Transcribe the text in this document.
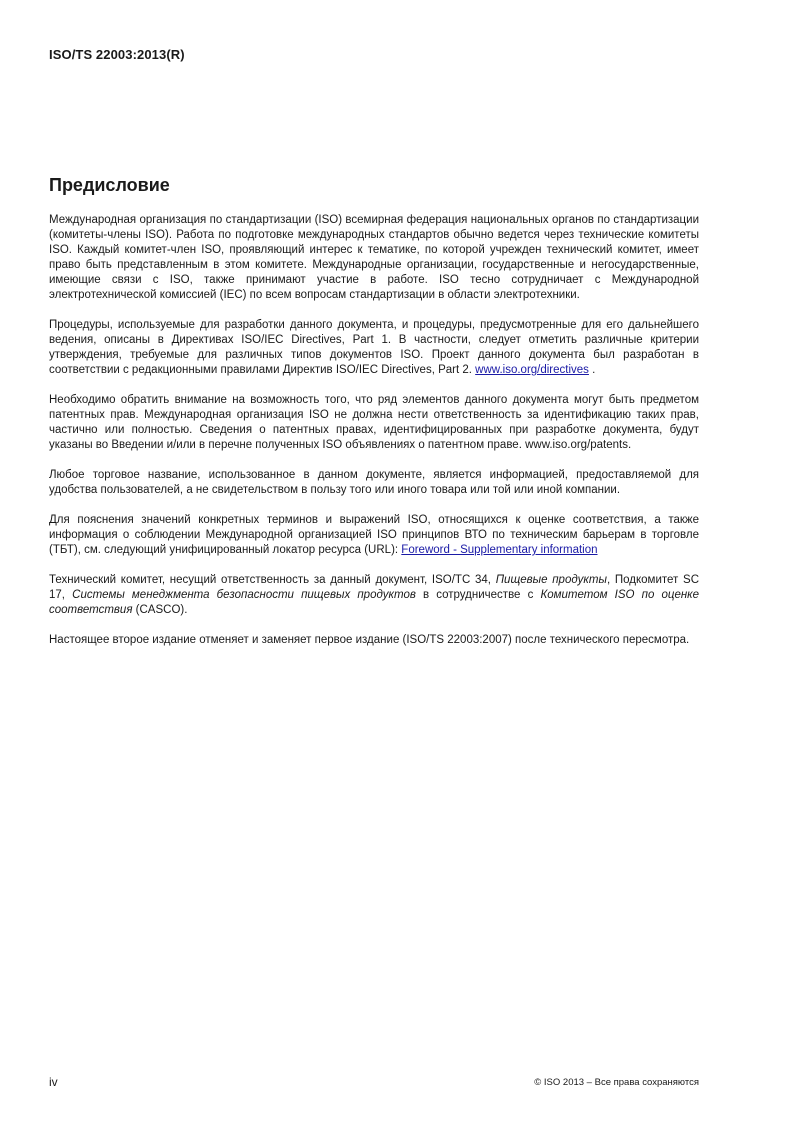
ISO/TS 22003:2013(R)
Предисловие

Международная организация по стандартизации (ISO) всемирная федерация национальных органов по стандартизации (комитеты-члены ISO). Работа по подготовке международных стандартов обычно ведется через технические комитеты ISO. Каждый комитет-член ISO, проявляющий интерес к тематике, по которой учрежден технический комитет, имеет право быть представленным в этом комитете. Международные организации, государственные и негосударственные, имеющие связи с ISO, также принимают участие в работе. ISO тесно сотрудничает с Международной электротехнической комиссией (IEC) по всем вопросам стандартизации в области электротехники.

Процедуры, используемые для разработки данного документа, и процедуры, предусмотренные для его дальнейшего ведения, описаны в Директивах ISO/IEC Directives, Part 1. В частности, следует отметить различные критерии утверждения, требуемые для различных типов документов ISO. Проект данного документа был разработан в соответствии с редакционными правилами Директив ISO/IEC Directives, Part 2. www.iso.org/directives .

Необходимо обратить внимание на возможность того, что ряд элементов данного документа могут быть предметом патентных прав. Международная организация ISO не должна нести ответственность за идентификацию таких прав, частично или полностью. Сведения о патентных правах, идентифицированных при разработке документа, будут указаны во Введении и/или в перечне полученных ISO объявлениях о патентном праве. www.iso.org/patents.

Любое торговое название, использованное в данном документе, является информацией, предоставляемой для удобства пользователей, а не свидетельством в пользу того или иного товара или той или иной компании.

Для пояснения значений конкретных терминов и выражений ISO, относящихся к оценке соответствия, а также информация о соблюдении Международной организацией ISO принципов ВТО по техническим барьерам в торговле (ТБТ), см. следующий унифицированный локатор ресурса (URL): Foreword - Supplementary information

Технический комитет, несущий ответственность за данный документ, ISO/TC 34, Пищевые продукты, Подкомитет SC 17, Системы менеджмента безопасности пищевых продуктов в сотрудничестве с Комитетом ISO по оценке соответствия (CASCO).

Настоящее второе издание отменяет и заменяет первое издание (ISO/TS 22003:2007) после технического пересмотра.

iv	© ISO 2013 – Все права сохраняются
